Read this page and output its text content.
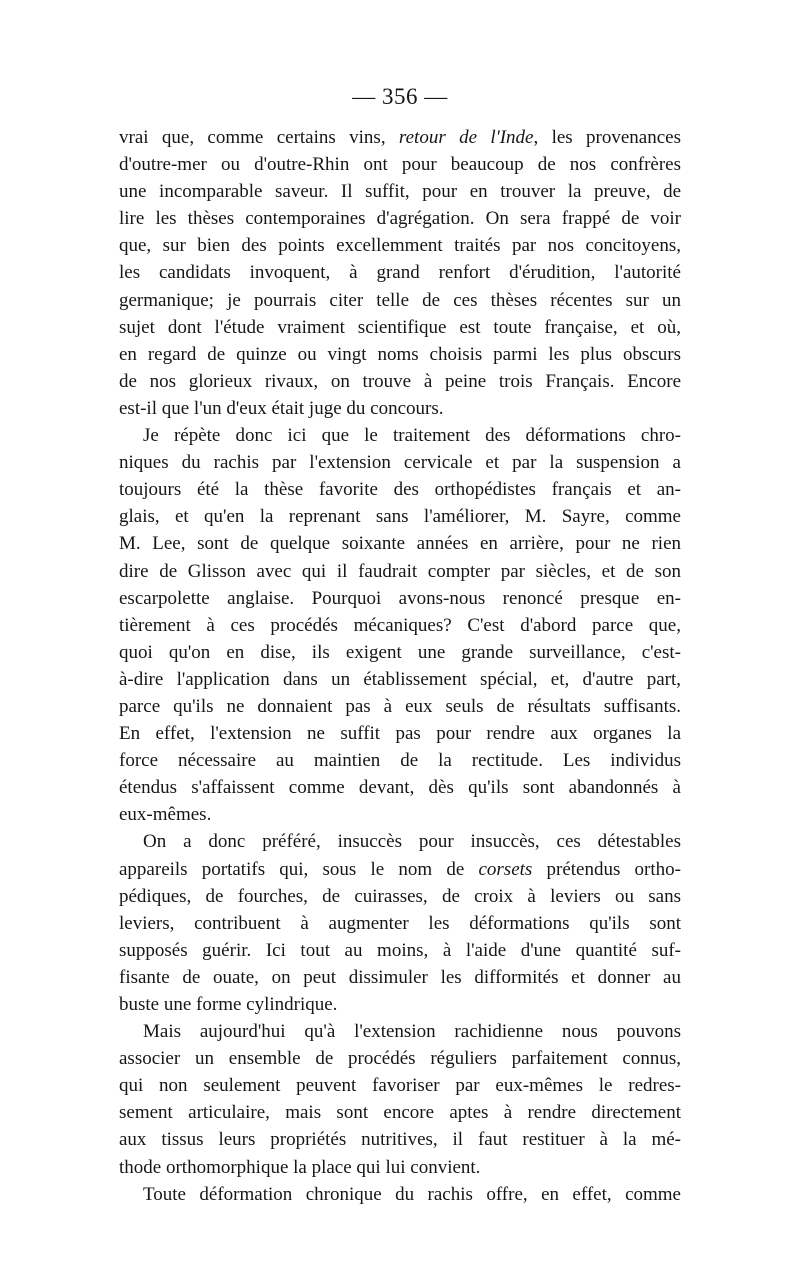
— 356 —
vrai que, comme certains vins, retour de l'Inde, les provenances
d'outre-mer ou d'outre-Rhin ont pour beaucoup de nos confrères
une incomparable saveur. Il suffit, pour en trouver la preuve, de
lire les thèses contemporaines d'agrégation. On sera frappé de voir
que, sur bien des points excellemment traités par nos concitoyens,
les candidats invoquent, à grand renfort d'érudition, l'autorité
germanique; je pourrais citer telle de ces thèses récentes sur un
sujet dont l'étude vraiment scientifique est toute française, et où,
en regard de quinze ou vingt noms choisis parmi les plus obscurs
de nos glorieux rivaux, on trouve à peine trois Français. Encore
est-il que l'un d'eux était juge du concours.
Je répète donc ici que le traitement des déformations chro-
niques du rachis par l'extension cervicale et par la suspension a
toujours été la thèse favorite des orthopédistes français et an-
glais, et qu'en la reprenant sans l'améliorer, M. Sayre, comme
M. Lee, sont de quelque soixante années en arrière, pour ne rien
dire de Glisson avec qui il faudrait compter par siècles, et de son
escarpolette anglaise. Pourquoi avons-nous renoncé presque en-
tièrement à ces procédés mécaniques? C'est d'abord parce que,
quoi qu'on en dise, ils exigent une grande surveillance, c'est-
à-dire l'application dans un établissement spécial, et, d'autre part,
parce qu'ils ne donnaient pas à eux seuls de résultats suffisants.
En effet, l'extension ne suffit pas pour rendre aux organes la
force nécessaire au maintien de la rectitude. Les individus
étendus s'affaissent comme devant, dès qu'ils sont abandonnés à
eux-mêmes.
On a donc préféré, insuccès pour insuccès, ces détestables
appareils portatifs qui, sous le nom de corsets prétendus ortho-
pédiques, de fourches, de cuirasses, de croix à leviers ou sans
leviers, contribuent à augmenter les déformations qu'ils sont
supposés guérir. Ici tout au moins, à l'aide d'une quantité suf-
fisante de ouate, on peut dissimuler les difformités et donner au
buste une forme cylindrique.
Mais aujourd'hui qu'à l'extension rachidienne nous pouvons
associer un ensemble de procédés réguliers parfaitement connus,
qui non seulement peuvent favoriser par eux-mêmes le redres-
sement articulaire, mais sont encore aptes à rendre directement
aux tissus leurs propriétés nutritives, il faut restituer à la mé-
thode orthomorphique la place qui lui convient.
Toute déformation chronique du rachis offre, en effet, comme
